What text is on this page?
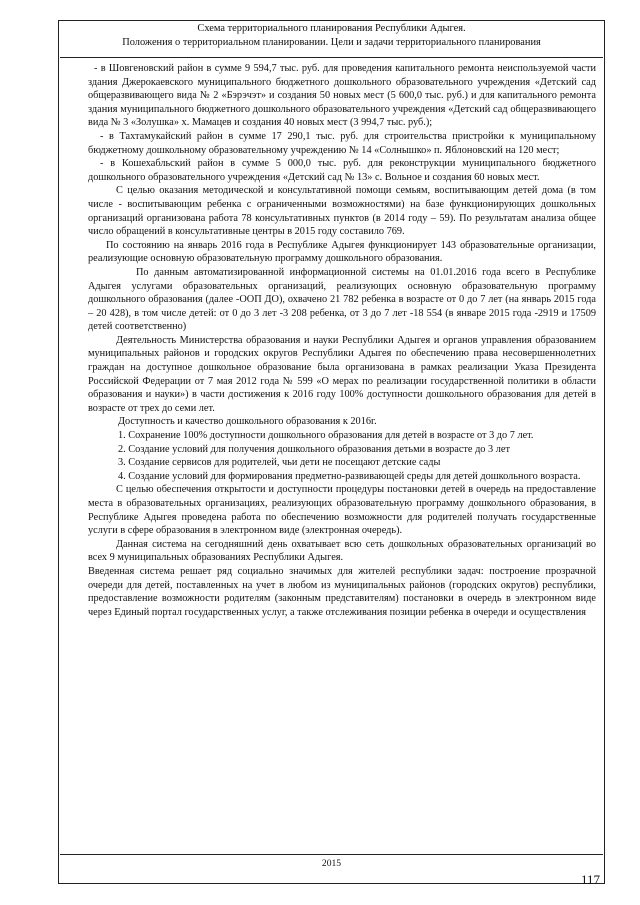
Схема территориального планирования Республики Адыгея.
Положения о территориальном планировании. Цели и задачи территориального планирования

- в Шовгеновский район в сумме 9 594,7 тыс. руб. для проведения капитального ремонта неиспользуемой части здания Джерокаевского муниципального бюджетного дошкольного образовательного учреждения «Детский сад общеразвивающего вида № 2 «Бэрэчэт» и создания 50 новых мест (5 600,0 тыс. руб.) и для капитального ремонта здания муниципального бюджетного дошкольного образовательного учреждения «Детский сад общеразвивающего вида № 3 «Золушка» х. Мамацев и создания 40 новых мест (3 994,7 тыс. руб.);

- в Тахтамукайский район в сумме 17 290,1 тыс. руб. для строительства пристройки к муниципальному бюджетному дошкольному образовательному учреждению № 14 «Солнышко» п. Яблоновский на 120 мест;

- в Кошехабльский район в сумме 5 000,0 тыс. руб. для реконструкции муниципального бюджетного дошкольного образовательного учреждения «Детский сад № 13» с. Вольное и создания 60 новых мест.

С целью оказания методической и консультативной помощи семьям, воспитывающим детей дома (в том числе - воспитывающим ребенка с ограниченными возможностями) на базе функционирующих дошкольных организаций организована работа 78 консультативных пунктов (в 2014 году – 59). По результатам анализа общее число обращений в консультативные центры в 2015 году составило 769.

По состоянию на январь 2016 года в Республике Адыгея функционирует 143 образовательные организации, реализующие основную образовательную программу дошкольного образования.

По данным автоматизированной информационной системы на 01.01.2016 года всего в Республике Адыгея услугами образовательных организаций, реализующих основную образовательную программу дошкольного образования (далее -ООП ДО), охвачено 21 782 ребенка в возрасте от 0 до 7 лет (на январь 2015 года – 20 428), в том числе детей: от 0 до 3 лет -3 208 ребенка, от 3 до 7 лет -18 554 (в январе 2015 года -2919 и 17509 детей соответственно)

Деятельность Министерства образования и науки Республики Адыгея и органов управления образованием муниципальных районов и городских округов Республики Адыгея по обеспечению права несовершеннолетних граждан на доступное дошкольное образование была организована в рамках реализации Указа Президента Российской Федерации от 7 мая 2012 года № 599 «О мерах по реализации государственной политики в области образования и науки») в части достижения к 2016 году 100% доступности дошкольного образования для детей в возрасте от трех до семи лет.

Доступность и качество дошкольного образования к 2016г.

1. Сохранение 100% доступности дошкольного образования для детей в возрасте от 3 до 7 лет.

2. Создание условий для получения дошкольного образования детьми в возрасте до 3 лет

3. Создание сервисов для родителей, чьи дети не посещают детские сады

4. Создание условий для формирования предметно-развивающей среды для детей дошкольного возраста.

С целью обеспечения открытости и доступности процедуры постановки детей в очередь на предоставление места в образовательных организациях, реализующих образовательную программу дошкольного образования, в Республике Адыгея проведена работа по обеспечению возможности для родителей получать государственные услуги в сфере образования в электронном виде (электронная очередь).

Данная система на сегодняшний день охватывает всю сеть дошкольных образовательных организаций во всех 9 муниципальных образованиях Республики Адыгея.

Введенная система решает ряд социально значимых для жителей республики задач: построение прозрачной очереди для детей, поставленных на учет в любом из муниципальных районов (городских округов) республики, предоставление возможности родителям (законным представителям) постановки в очередь в электронном виде через Единый портал государственных услуг, а также отслеживания позиции ребенка в очереди и осуществления

2015
117
